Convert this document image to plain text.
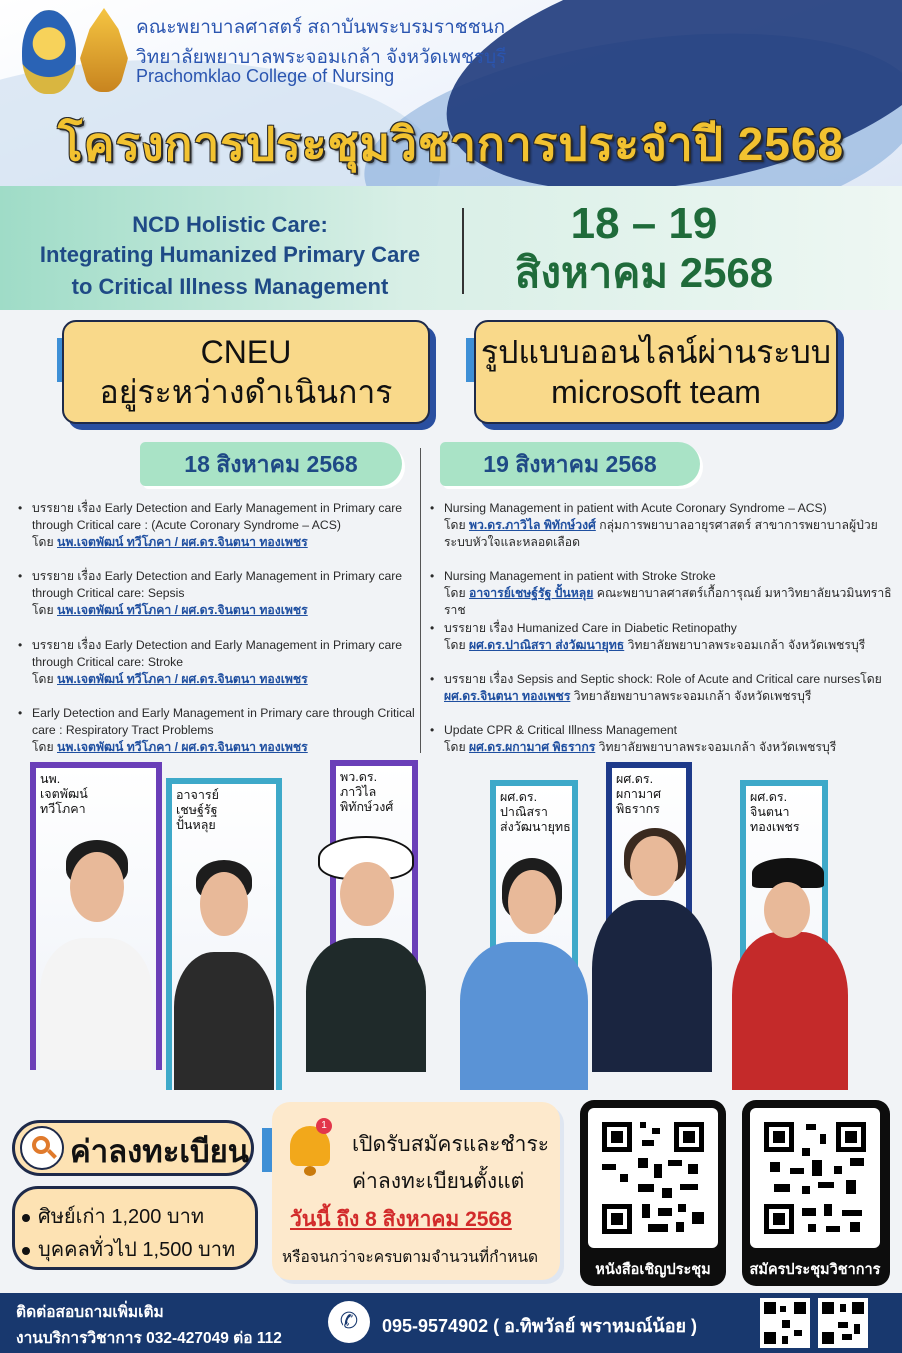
คณะพยาบาลศาสตร์ สถาบันพระบรมราชชนก
วิทยาลัยพยาบาลพระจอมเกล้า จังหวัดเพชรบุรี
Prachomklao College of Nursing
โครงการประชุมวิชาการประจำปี 2568
NCD Holistic Care:
Integrating Humanized Primary Care
to Critical Illness Management
18 – 19
สิงหาคม 2568
CNEU
อยู่ระหว่างดำเนินการ
รูปแบบออนไลน์ผ่านระบบ
microsoft team
18 สิงหาคม 2568	19 สิงหาคม 2568
• บรรยาย เรื่อง Early Detection and Early Management in Primary care through Critical care : (Acute Coronary Syndrome – ACS)
โดย นพ.เจตพัฒน์ ทวีโภคา / ผศ.ดร.จินตนา ทองเพชร
• บรรยาย เรื่อง Early Detection and Early Management in Primary care through Critical care: Sepsis
โดย นพ.เจตพัฒน์ ทวีโภคา / ผศ.ดร.จินตนา ทองเพชร
• บรรยาย เรื่อง Early Detection and Early Management in Primary care through Critical care: Stroke
โดย นพ.เจตพัฒน์ ทวีโภคา / ผศ.ดร.จินตนา ทองเพชร
• Early Detection and Early Management in Primary care through Critical care : Respiratory Tract Problems
โดย นพ.เจตพัฒน์ ทวีโภคา / ผศ.ดร.จินตนา ทองเพชร
• Nursing Management in patient with Acute Coronary Syndrome – ACS)
โดย พว.ดร.ภาวิไล พิทักษ์วงศ์ กลุ่มการพยาบาลอายุรศาสตร์ สาขาการพยาบาลผู้ป่วยระบบหัวใจและหลอดเลือด
• Nursing Management in patient with Stroke Stroke
โดย อาจารย์เชษฐ์รัฐ ปั้นหลุย คณะพยาบาลศาสตร์เกื้อการุณย์ มหาวิทยาลัยนวมินทราธิราช
• บรรยาย เรื่อง Humanized Care in Diabetic Retinopathy
โดย ผศ.ดร.ปาณิสรา ส่งวัฒนายุทธ วิทยาลัยพยาบาลพระจอมเกล้า จังหวัดเพชรบุรี
• บรรยาย เรื่อง Sepsis and Septic shock: Role of Acute and Critical care nursesโดย ผศ.ดร.จินตนา ทองเพชร วิทยาลัยพยาบาลพระจอมเกล้า จังหวัดเพชรบุรี
• Update CPR & Critical Illness Management
โดย ผศ.ดร.ผกามาศ พิธรากร วิทยาลัยพยาบาลพระจอมเกล้า จังหวัดเพชรบุรี
นพ.
เจตพัฒน์
ทวีโภคา
อาจารย์
เชษฐ์รัฐ
ปั้นหลุย
พว.ดร.
ภาวิไล
พิทักษ์วงศ์
ผศ.ดร.
ปาณิสรา
ส่งวัฒนายุทธ
ผศ.ดร.
ผกามาศ
พิธรากร
ผศ.ดร.
จินตนา
ทองเพชร
ค่าลงทะเบียน
ศิษย์เก่า 1,200 บาท
บุคคลทั่วไป 1,500 บาท
1
เปิดรับสมัครและชำระ
ค่าลงทะเบียนตั้งแต่
วันนี้ ถึง 8 สิงหาคม 2568
หรือจนกว่าจะครบตามจำนวนที่กำหนด
หนังสือเชิญประชุม	สมัครประชุมวิชาการ
ติดต่อสอบถามเพิ่มเติม
งานบริการวิชาการ 032-427049 ต่อ 112
✆	095-9574902 ( อ.ทิพวัลย์ พราหมณ์น้อย )
